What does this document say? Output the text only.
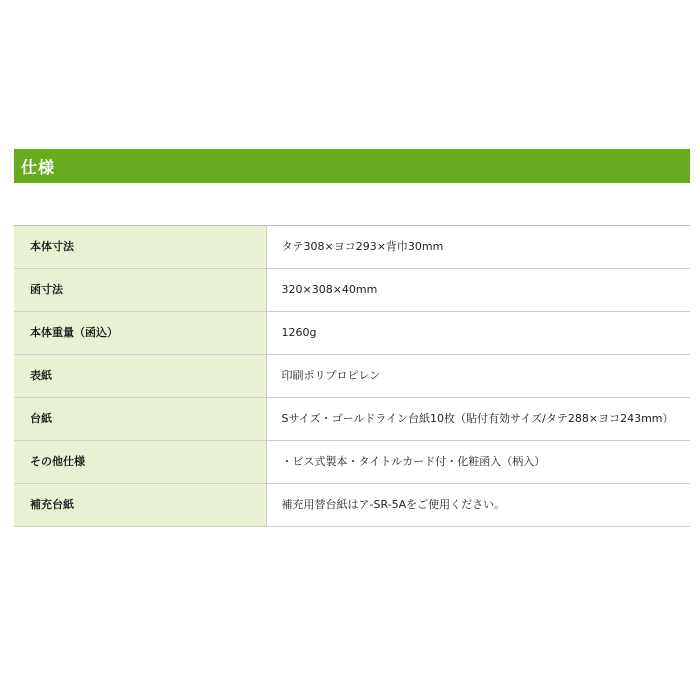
仕様
本体寸法	タテ308×ヨコ293×背巾30mm
函寸法	320×308×40mm
本体重量（函込）	1260g
表紙	印刷ポリプロピレン
台紙	Sサイズ・ゴールドライン台紙10枚（貼付有効サイズ/タテ288×ヨコ243mm）
その他仕様	・ビス式製本・タイトルカード付・化粧函入（柄入）
補充台紙	補充用替台紙はア-SR-5Aをご使用ください。
